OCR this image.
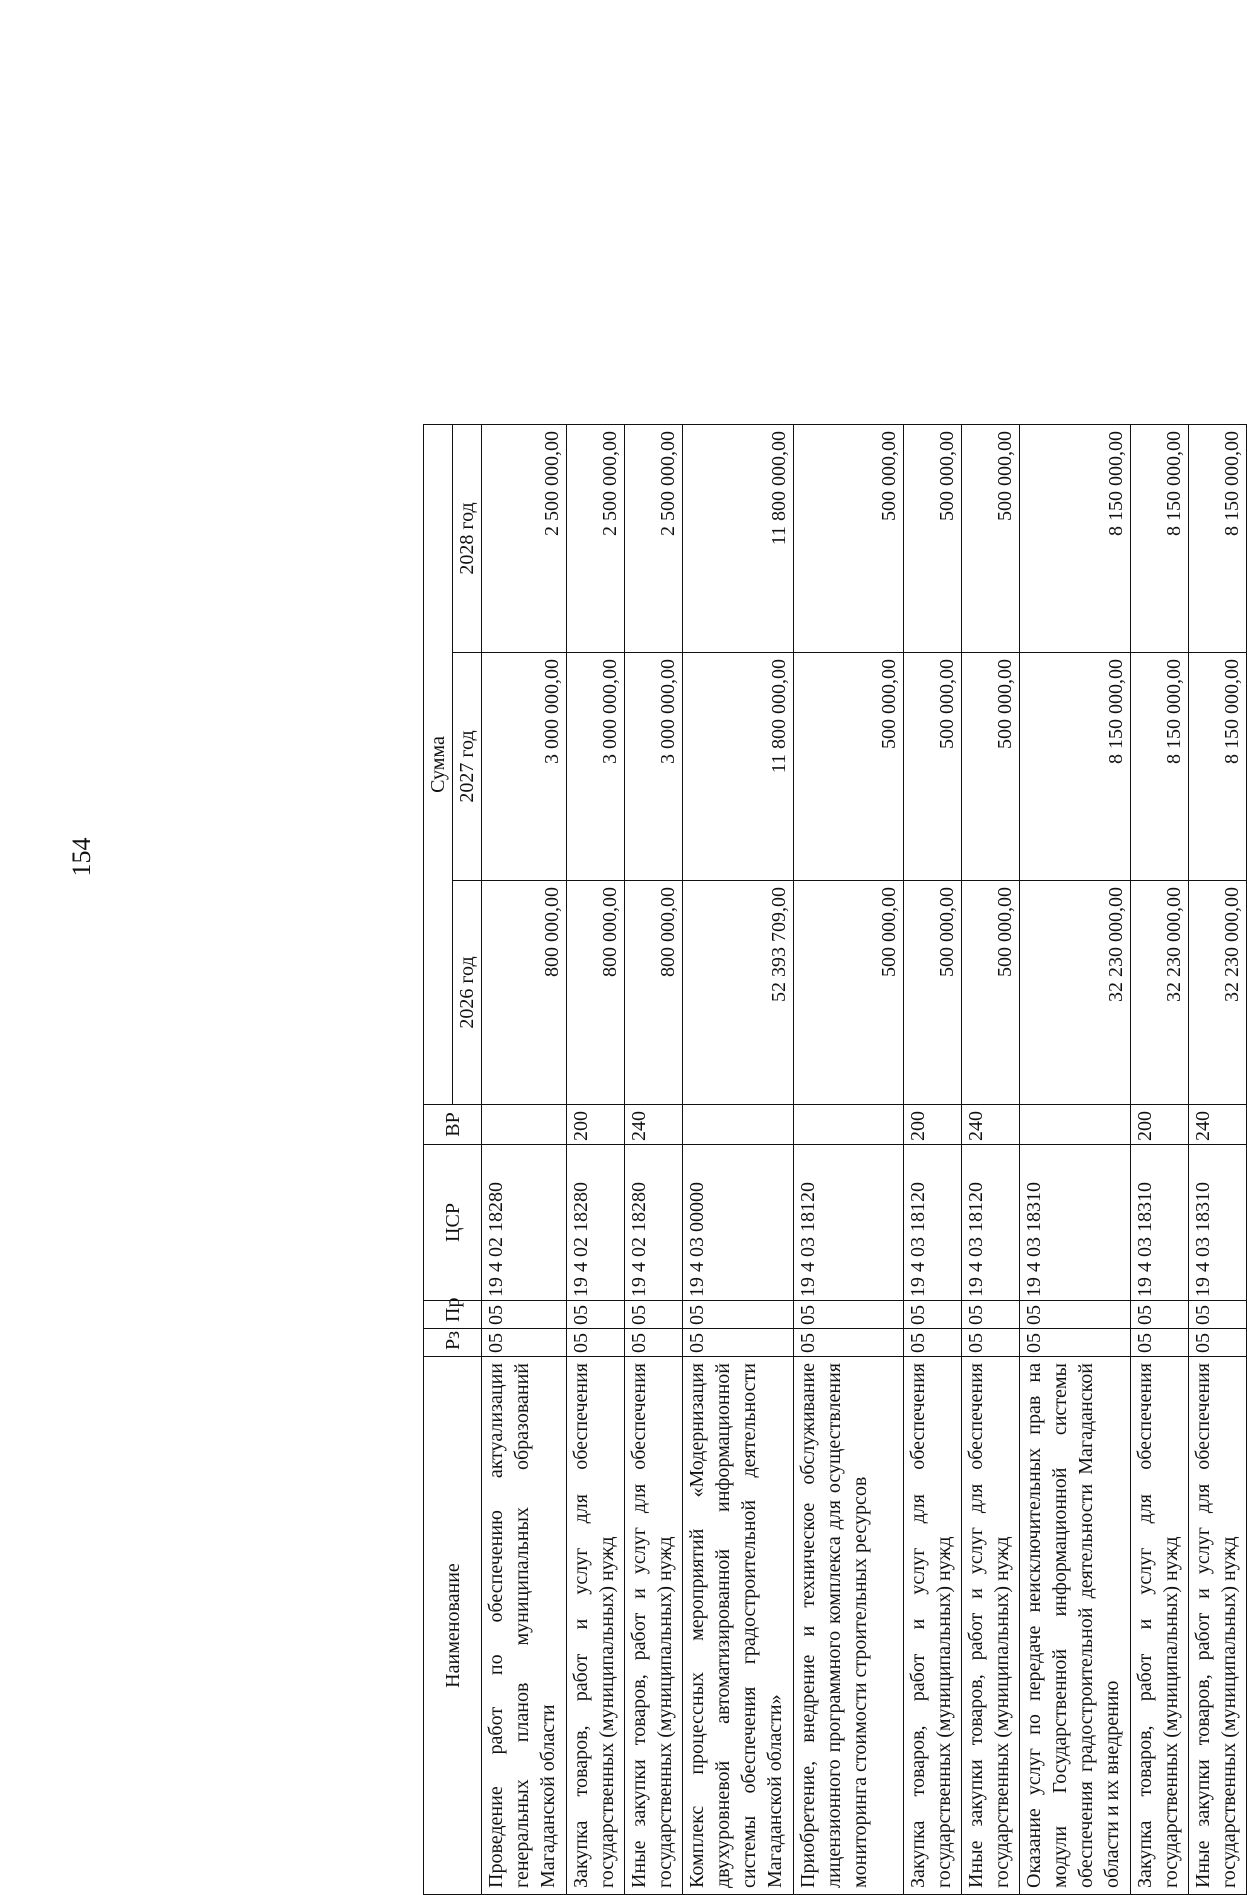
154
Наименование	Рз	Пр	ЦСР	ВР	Сумма		
					2026 год	2027 год	2028 год
Проведение работ по обеспечению актуализации генеральных планов муниципальных образований Магаданской области	05	05	19 4 02 18280		800 000,00	3 000 000,00	2 500 000,00
Закупка товаров, работ и услуг для обеспечения государственных (муниципальных) нужд	05	05	19 4 02 18280	200	800 000,00	3 000 000,00	2 500 000,00
Иные закупки товаров, работ и услуг для обеспечения государственных (муниципальных) нужд	05	05	19 4 02 18280	240	800 000,00	3 000 000,00	2 500 000,00
Комплекс процессных мероприятий «Модернизация двухуровневой автоматизированной информационной системы обеспечения градостроительной деятельности Магаданской области»	05	05	19 4 03 00000		52 393 709,00	11 800 000,00	11 800 000,00
Приобретение, внедрение и техническое обслуживание лицензионного программного комплекса для осуществления мониторинга стоимости строительных ресурсов	05	05	19 4 03 18120		500 000,00	500 000,00	500 000,00
Закупка товаров, работ и услуг для обеспечения государственных (муниципальных) нужд	05	05	19 4 03 18120	200	500 000,00	500 000,00	500 000,00
Иные закупки товаров, работ и услуг для обеспечения государственных (муниципальных) нужд	05	05	19 4 03 18120	240	500 000,00	500 000,00	500 000,00
Оказание услуг по передаче неисключительных прав на модули Государственной информационной системы обеспечения градостроительной деятельности Магаданской области и их внедрению	05	05	19 4 03 18310		32 230 000,00	8 150 000,00	8 150 000,00
Закупка товаров, работ и услуг для обеспечения государственных (муниципальных) нужд	05	05	19 4 03 18310	200	32 230 000,00	8 150 000,00	8 150 000,00
Иные закупки товаров, работ и услуг для обеспечения государственных (муниципальных) нужд	05	05	19 4 03 18310	240	32 230 000,00	8 150 000,00	8 150 000,00
